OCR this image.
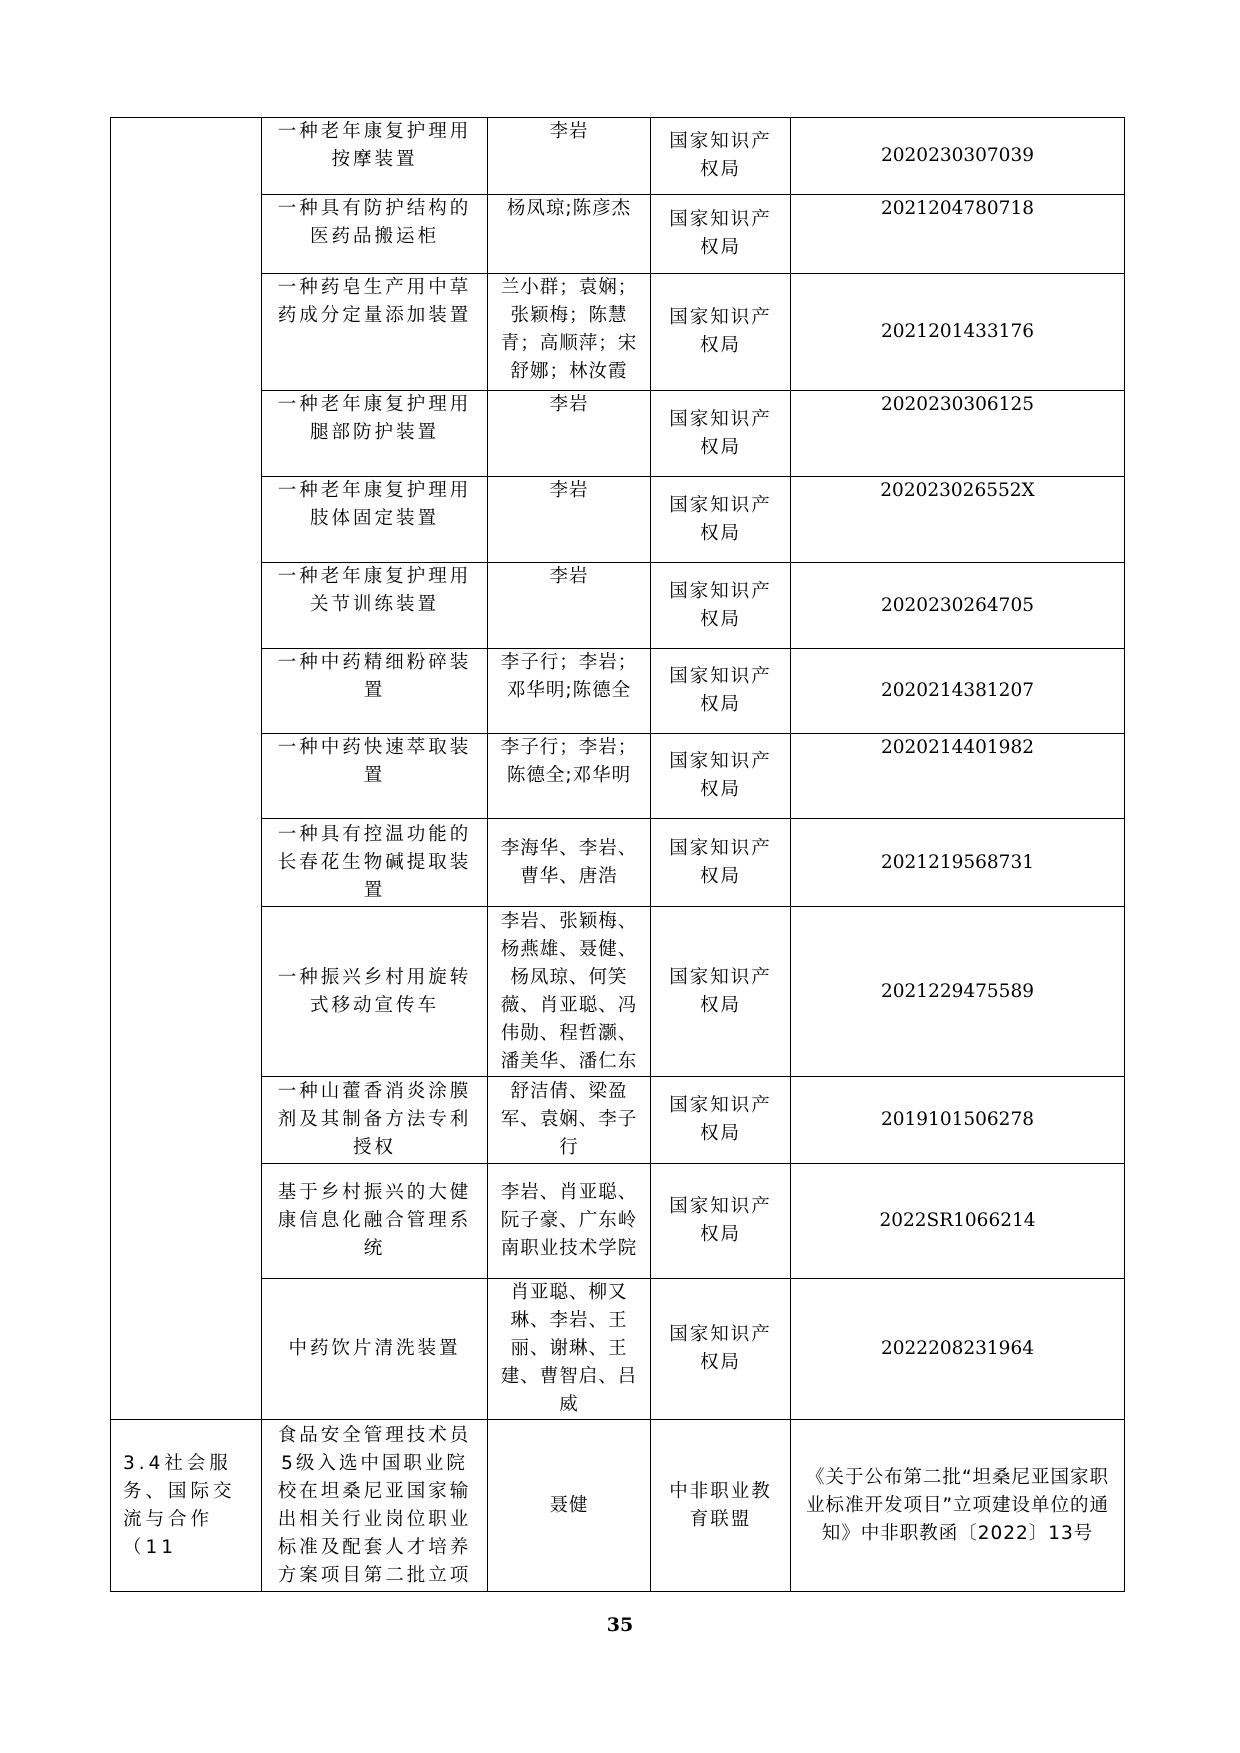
	一种老年康复护理用按摩装置	李岩	国家知识产权局	2020230307039
	一种具有防护结构的医药品搬运柜	杨凤琼;陈彦杰	国家知识产权局	2021204780718
	一种药皂生产用中草药成分定量添加装置	兰小群；袁娴；张颖梅；陈慧青；高顺萍；宋舒娜；林汝霞	国家知识产权局	2021201433176
	一种老年康复护理用腿部防护装置	李岩	国家知识产权局	2020230306125
	一种老年康复护理用肢体固定装置	李岩	国家知识产权局	202023026552X
	一种老年康复护理用关节训练装置	李岩	国家知识产权局	2020230264705
	一种中药精细粉碎装置	李子行；李岩；邓华明;陈德全	国家知识产权局	2020214381207
	一种中药快速萃取装置	李子行；李岩；陈德全;邓华明	国家知识产权局	2020214401982
	一种具有控温功能的长春花生物碱提取装置	李海华、李岩、曹华、唐浩	国家知识产权局	2021219568731
	一种振兴乡村用旋转式移动宣传车	李岩、张颖梅、杨燕雄、聂健、杨凤琼、何笑薇、肖亚聪、冯伟勋、程哲灏、潘美华、潘仁东	国家知识产权局	2021229475589
	一种山藿香消炎涂膜剂及其制备方法专利授权	舒洁倩、梁盈军、袁娴、李子行	国家知识产权局	2019101506278
	基于乡村振兴的大健康信息化融合管理系统	李岩、肖亚聪、阮子豪、广东岭南职业技术学院	国家知识产权局	2022SR1066214
	中药饮片清洗装置	肖亚聪、柳又琳、李岩、王丽、谢琳、王建、曹智启、吕威	国家知识产权局	2022208231964
3.4社会服务、国际交流与合作（11	食品安全管理技术员5级入选中国职业院校在坦桑尼亚国家输出相关行业岗位职业标准及配套人才培养方案项目第二批立项	聂健	中非职业教育联盟	《关于公布第二批“坦桑尼亚国家职业标准开发项目”立项建设单位的通知》中非职教函〔2022〕13号
35
